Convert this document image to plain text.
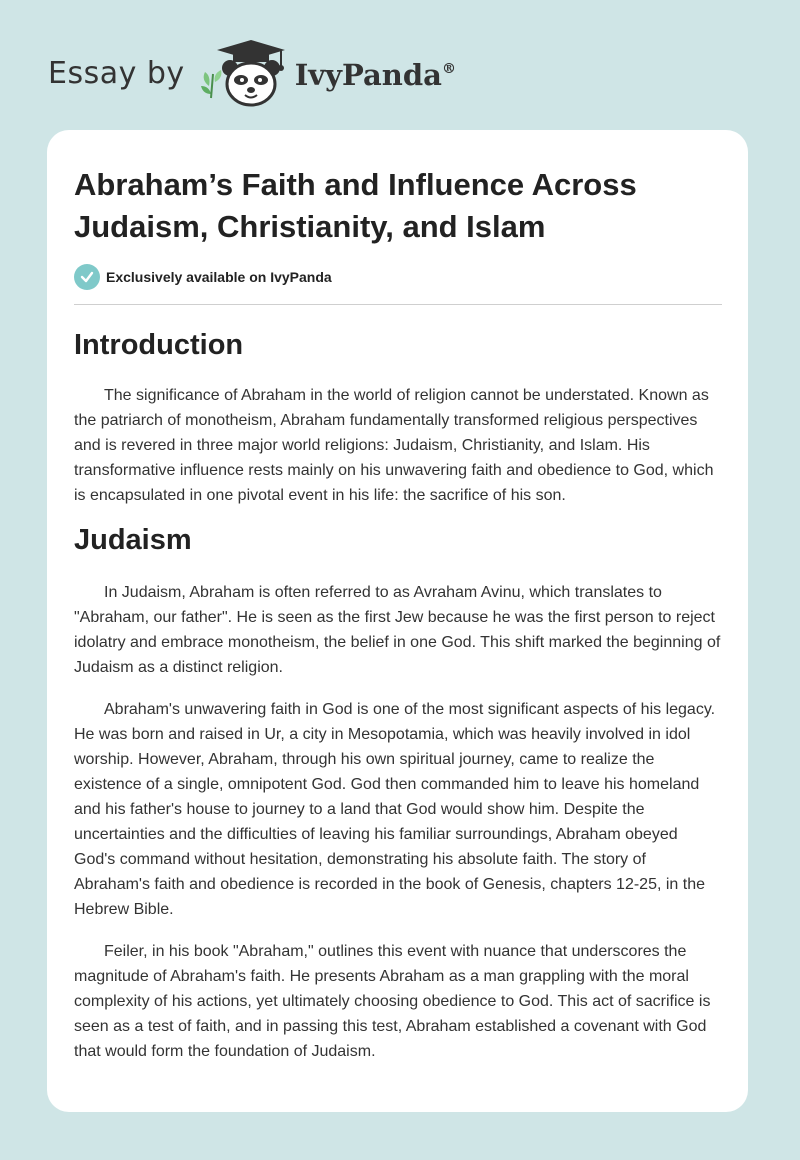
Essay by	IvyPanda®
Abraham’s Faith and Influence Across Judaism, Christianity, and Islam
Exclusively available on IvyPanda
Introduction

The significance of Abraham in the world of religion cannot be understated. Known as the patriarch of monotheism, Abraham fundamentally transformed religious perspectives and is revered in three major world religions: Judaism, Christianity, and Islam. His transformative influence rests mainly on his unwavering faith and obedience to God, which is encapsulated in one pivotal event in his life: the sacrifice of his son.

Judaism

In Judaism, Abraham is often referred to as Avraham Avinu, which translates to "Abraham, our father". He is seen as the first Jew because he was the first person to reject idolatry and embrace monotheism, the belief in one God. This shift marked the beginning of Judaism as a distinct religion.

Abraham's unwavering faith in God is one of the most significant aspects of his legacy. He was born and raised in Ur, a city in Mesopotamia, which was heavily involved in idol worship. However, Abraham, through his own spiritual journey, came to realize the existence of a single, omnipotent God. God then commanded him to leave his homeland and his father's house to journey to a land that God would show him. Despite the uncertainties and the difficulties of leaving his familiar surroundings, Abraham obeyed God's command without hesitation, demonstrating his absolute faith. The story of Abraham's faith and obedience is recorded in the book of Genesis, chapters 12-25, in the Hebrew Bible.

Feiler, in his book "Abraham," outlines this event with nuance that underscores the magnitude of Abraham's faith. He presents Abraham as a man grappling with the moral complexity of his actions, yet ultimately choosing obedience to God. This act of sacrifice is seen as a test of faith, and in passing this test, Abraham established a covenant with God that would form the foundation of Judaism.
